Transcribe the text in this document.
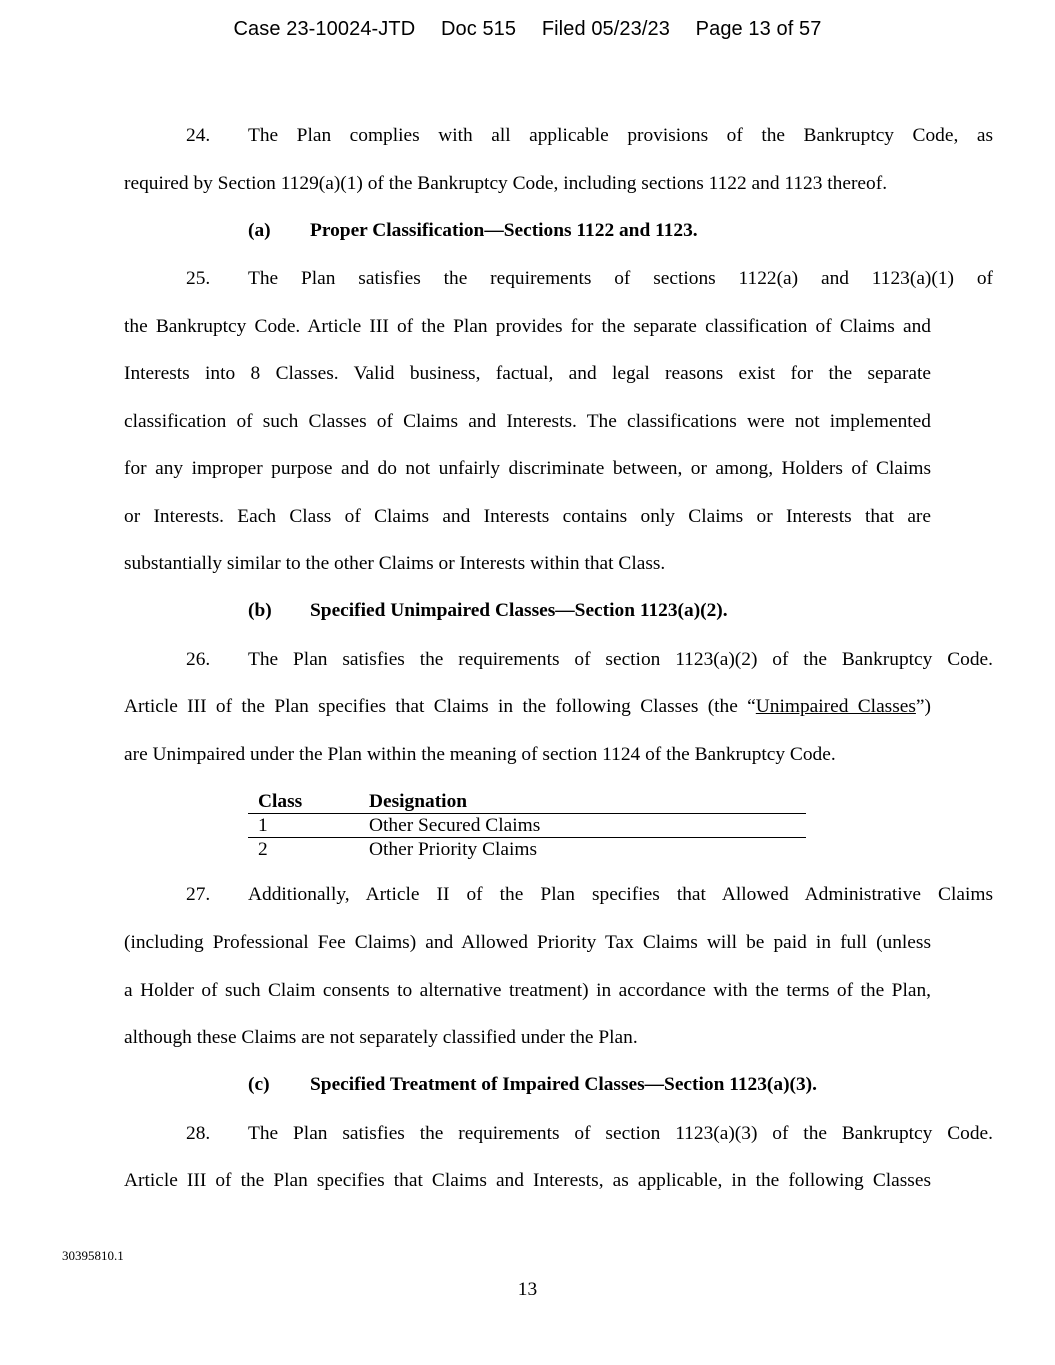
Case 23-10024-JTD Doc 515 Filed 05/23/23 Page 13 of 57
24. The Plan complies with all applicable provisions of the Bankruptcy Code, as
required by Section 1129(a)(1) of the Bankruptcy Code, including sections 1122 and 1123 thereof.
(a) Proper Classification—Sections 1122 and 1123.
25. The Plan satisfies the requirements of sections 1122(a) and 1123(a)(1) of
the Bankruptcy Code. Article III of the Plan provides for the separate classification of Claims and
Interests into 8 Classes. Valid business, factual, and legal reasons exist for the separate
classification of such Classes of Claims and Interests. The classifications were not implemented
for any improper purpose and do not unfairly discriminate between, or among, Holders of Claims
or Interests. Each Class of Claims and Interests contains only Claims or Interests that are
substantially similar to the other Claims or Interests within that Class.
(b) Specified Unimpaired Classes—Section 1123(a)(2).
26. The Plan satisfies the requirements of section 1123(a)(2) of the Bankruptcy Code.
Article III of the Plan specifies that Claims in the following Classes (the “Unimpaired Classes”)
are Unimpaired under the Plan within the meaning of section 1124 of the Bankruptcy Code.
Class	Designation
1	Other Secured Claims
2	Other Priority Claims
27. Additionally, Article II of the Plan specifies that Allowed Administrative Claims
(including Professional Fee Claims) and Allowed Priority Tax Claims will be paid in full (unless
a Holder of such Claim consents to alternative treatment) in accordance with the terms of the Plan,
although these Claims are not separately classified under the Plan.
(c) Specified Treatment of Impaired Classes—Section 1123(a)(3).
28. The Plan satisfies the requirements of section 1123(a)(3) of the Bankruptcy Code.
Article III of the Plan specifies that Claims and Interests, as applicable, in the following Classes
30395810.1
13
